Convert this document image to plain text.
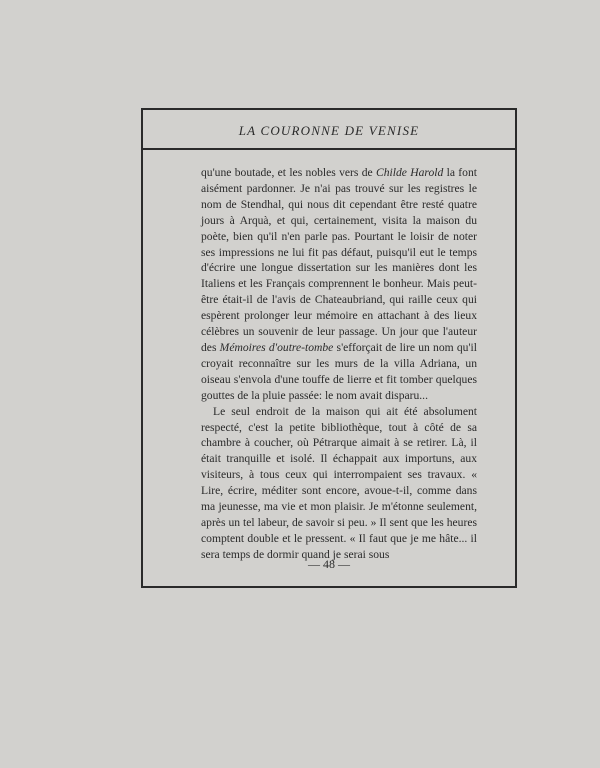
LA COURONNE DE VENISE

qu'une boutade, et les nobles vers de Childe Harold la font aisément pardonner. Je n'ai pas trouvé sur les registres le nom de Stendhal, qui nous dit cependant être resté quatre jours à Arquà, et qui, certainement, visita la maison du poète, bien qu'il n'en parle pas. Pourtant le loisir de noter ses impressions ne lui fit pas défaut, puisqu'il eut le temps d'écrire une longue dissertation sur les manières dont les Italiens et les Français comprennent le bonheur. Mais peut-être était-il de l'avis de Chateaubriand, qui raille ceux qui espèrent prolonger leur mémoire en attachant à des lieux célèbres un souvenir de leur passage. Un jour que l'auteur des Mémoires d'outre-tombe s'efforçait de lire un nom qu'il croyait reconnaître sur les murs de la villa Adriana, un oiseau s'envola d'une touffe de lierre et fit tomber quelques gouttes de la pluie passée: le nom avait disparu...

Le seul endroit de la maison qui ait été absolument respecté, c'est la petite bibliothèque, tout à côté de sa chambre à coucher, où Pétrarque aimait à se retirer. Là, il était tranquille et isolé. Il échappait aux importuns, aux visiteurs, à tous ceux qui interrompaient ses travaux. « Lire, écrire, méditer sont encore, avoue-t-il, comme dans ma jeunesse, ma vie et mon plaisir. Je m'étonne seulement, après un tel labeur, de savoir si peu. » Il sent que les heures comptent double et le pressent. « Il faut que je me hâte... il sera temps de dormir quand je serai sous

— 48 —
